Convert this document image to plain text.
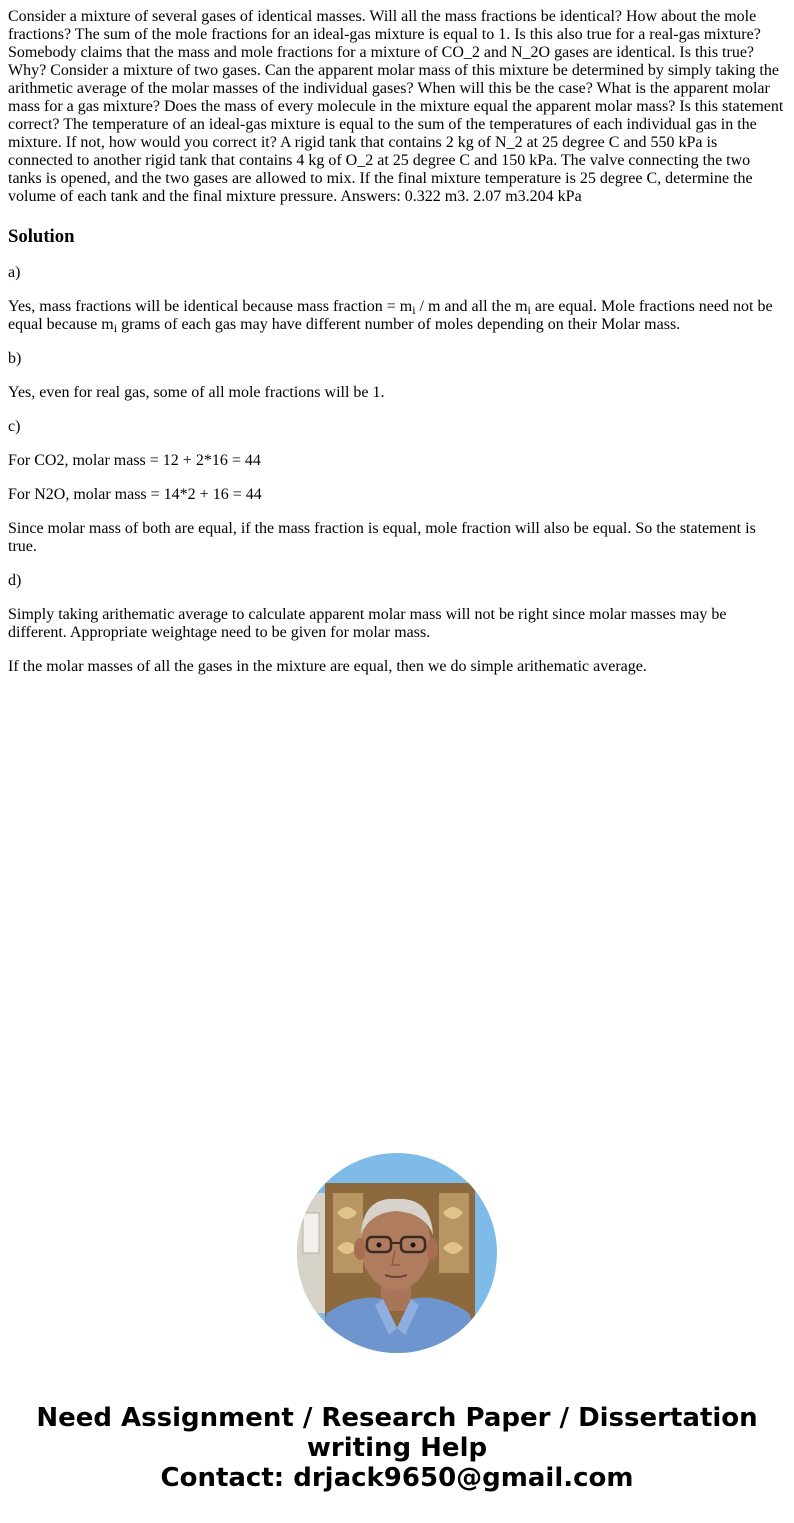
Consider a mixture of several gases of identical masses. Will all the mass fractions be identical? How about the mole fractions? The sum of the mole fractions for an ideal-gas mixture is equal to 1. Is this also true for a real-gas mixture? Somebody claims that the mass and mole fractions for a mixture of CO_2 and N_2O gases are identical. Is this true? Why? Consider a mixture of two gases. Can the apparent molar mass of this mixture be determined by simply taking the arithmetic average of the molar masses of the individual gases? When will this be the case? What is the apparent molar mass for a gas mixture? Does the mass of every molecule in the mixture equal the apparent molar mass? Is this statement correct? The temperature of an ideal-gas mixture is equal to the sum of the temperatures of each individual gas in the mixture. If not, how would you correct it? A rigid tank that contains 2 kg of N_2 at 25 degree C and 550 kPa is connected to another rigid tank that contains 4 kg of O_2 at 25 degree C and 150 kPa. The valve connecting the two tanks is opened, and the two gases are allowed to mix. If the final mixture temperature is 25 degree C, determine the volume of each tank and the final mixture pressure. Answers: 0.322 m3. 2.07 m3.204 kPa
Solution

a)

Yes, mass fractions will be identical because mass fraction = $m_i$ / m and all the $m_i$ are equal. Mole fractions need not be equal because $m_i$ grams of each gas may have different number of moles depending on their Molar mass.

b)

Yes, even for real gas, some of all mole fractions will be 1.

c)

For CO2, molar mass = 12 + 2*16 = 44

For N2O, molar mass = 14*2 + 16 = 44

Since molar mass of both are equal, if the mass fraction is equal, mole fraction will also be equal. So the statement is true.

d)

Simply taking arithematic average to calculate apparent molar mass will not be right since molar masses may be different. Appropriate weightage need to be given for molar mass.

If the molar masses of all the gases in the mixture are equal, then we do simple arithematic average.

Need Assignment / Research Paper / Dissertation
writing Help
Contact: drjack9650@gmail.com
